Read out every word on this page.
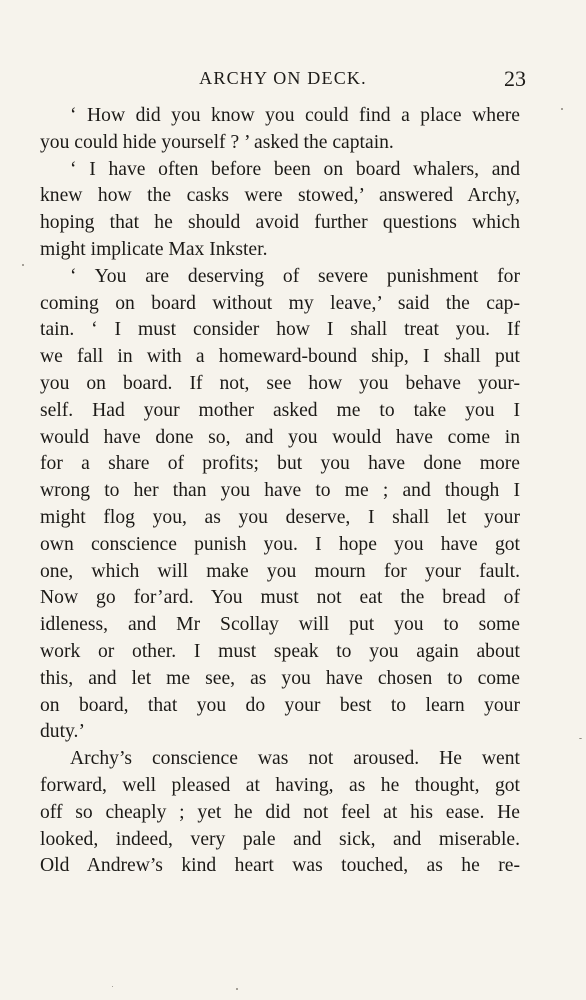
ARCHY ON DECK.	23
‘ How did you know you could find a place where
you could hide yourself ? ’ asked the captain.
‘ I have often before been on board whalers, and
knew how the casks were stowed,’ answered Archy,
hoping that he should avoid further questions which
might implicate Max Inkster.
‘ You are deserving of severe punishment for
coming on board without my leave,’ said the cap-
tain. ‘ I must consider how I shall treat you. If
we fall in with a homeward-bound ship, I shall put
you on board. If not, see how you behave your-
self. Had your mother asked me to take you I
would have done so, and you would have come in
for a share of profits; but you have done more
wrong to her than you have to me ; and though I
might flog you, as you deserve, I shall let your
own conscience punish you. I hope you have got
one, which will make you mourn for your fault.
Now go for’ard. You must not eat the bread of
idleness, and Mr Scollay will put you to some
work or other. I must speak to you again about
this, and let me see, as you have chosen to come
on board, that you do your best to learn your
duty.’
Archy’s conscience was not aroused. He went
forward, well pleased at having, as he thought, got
off so cheaply ; yet he did not feel at his ease. He
looked, indeed, very pale and sick, and miserable.
Old Andrew’s kind heart was touched, as he re-
